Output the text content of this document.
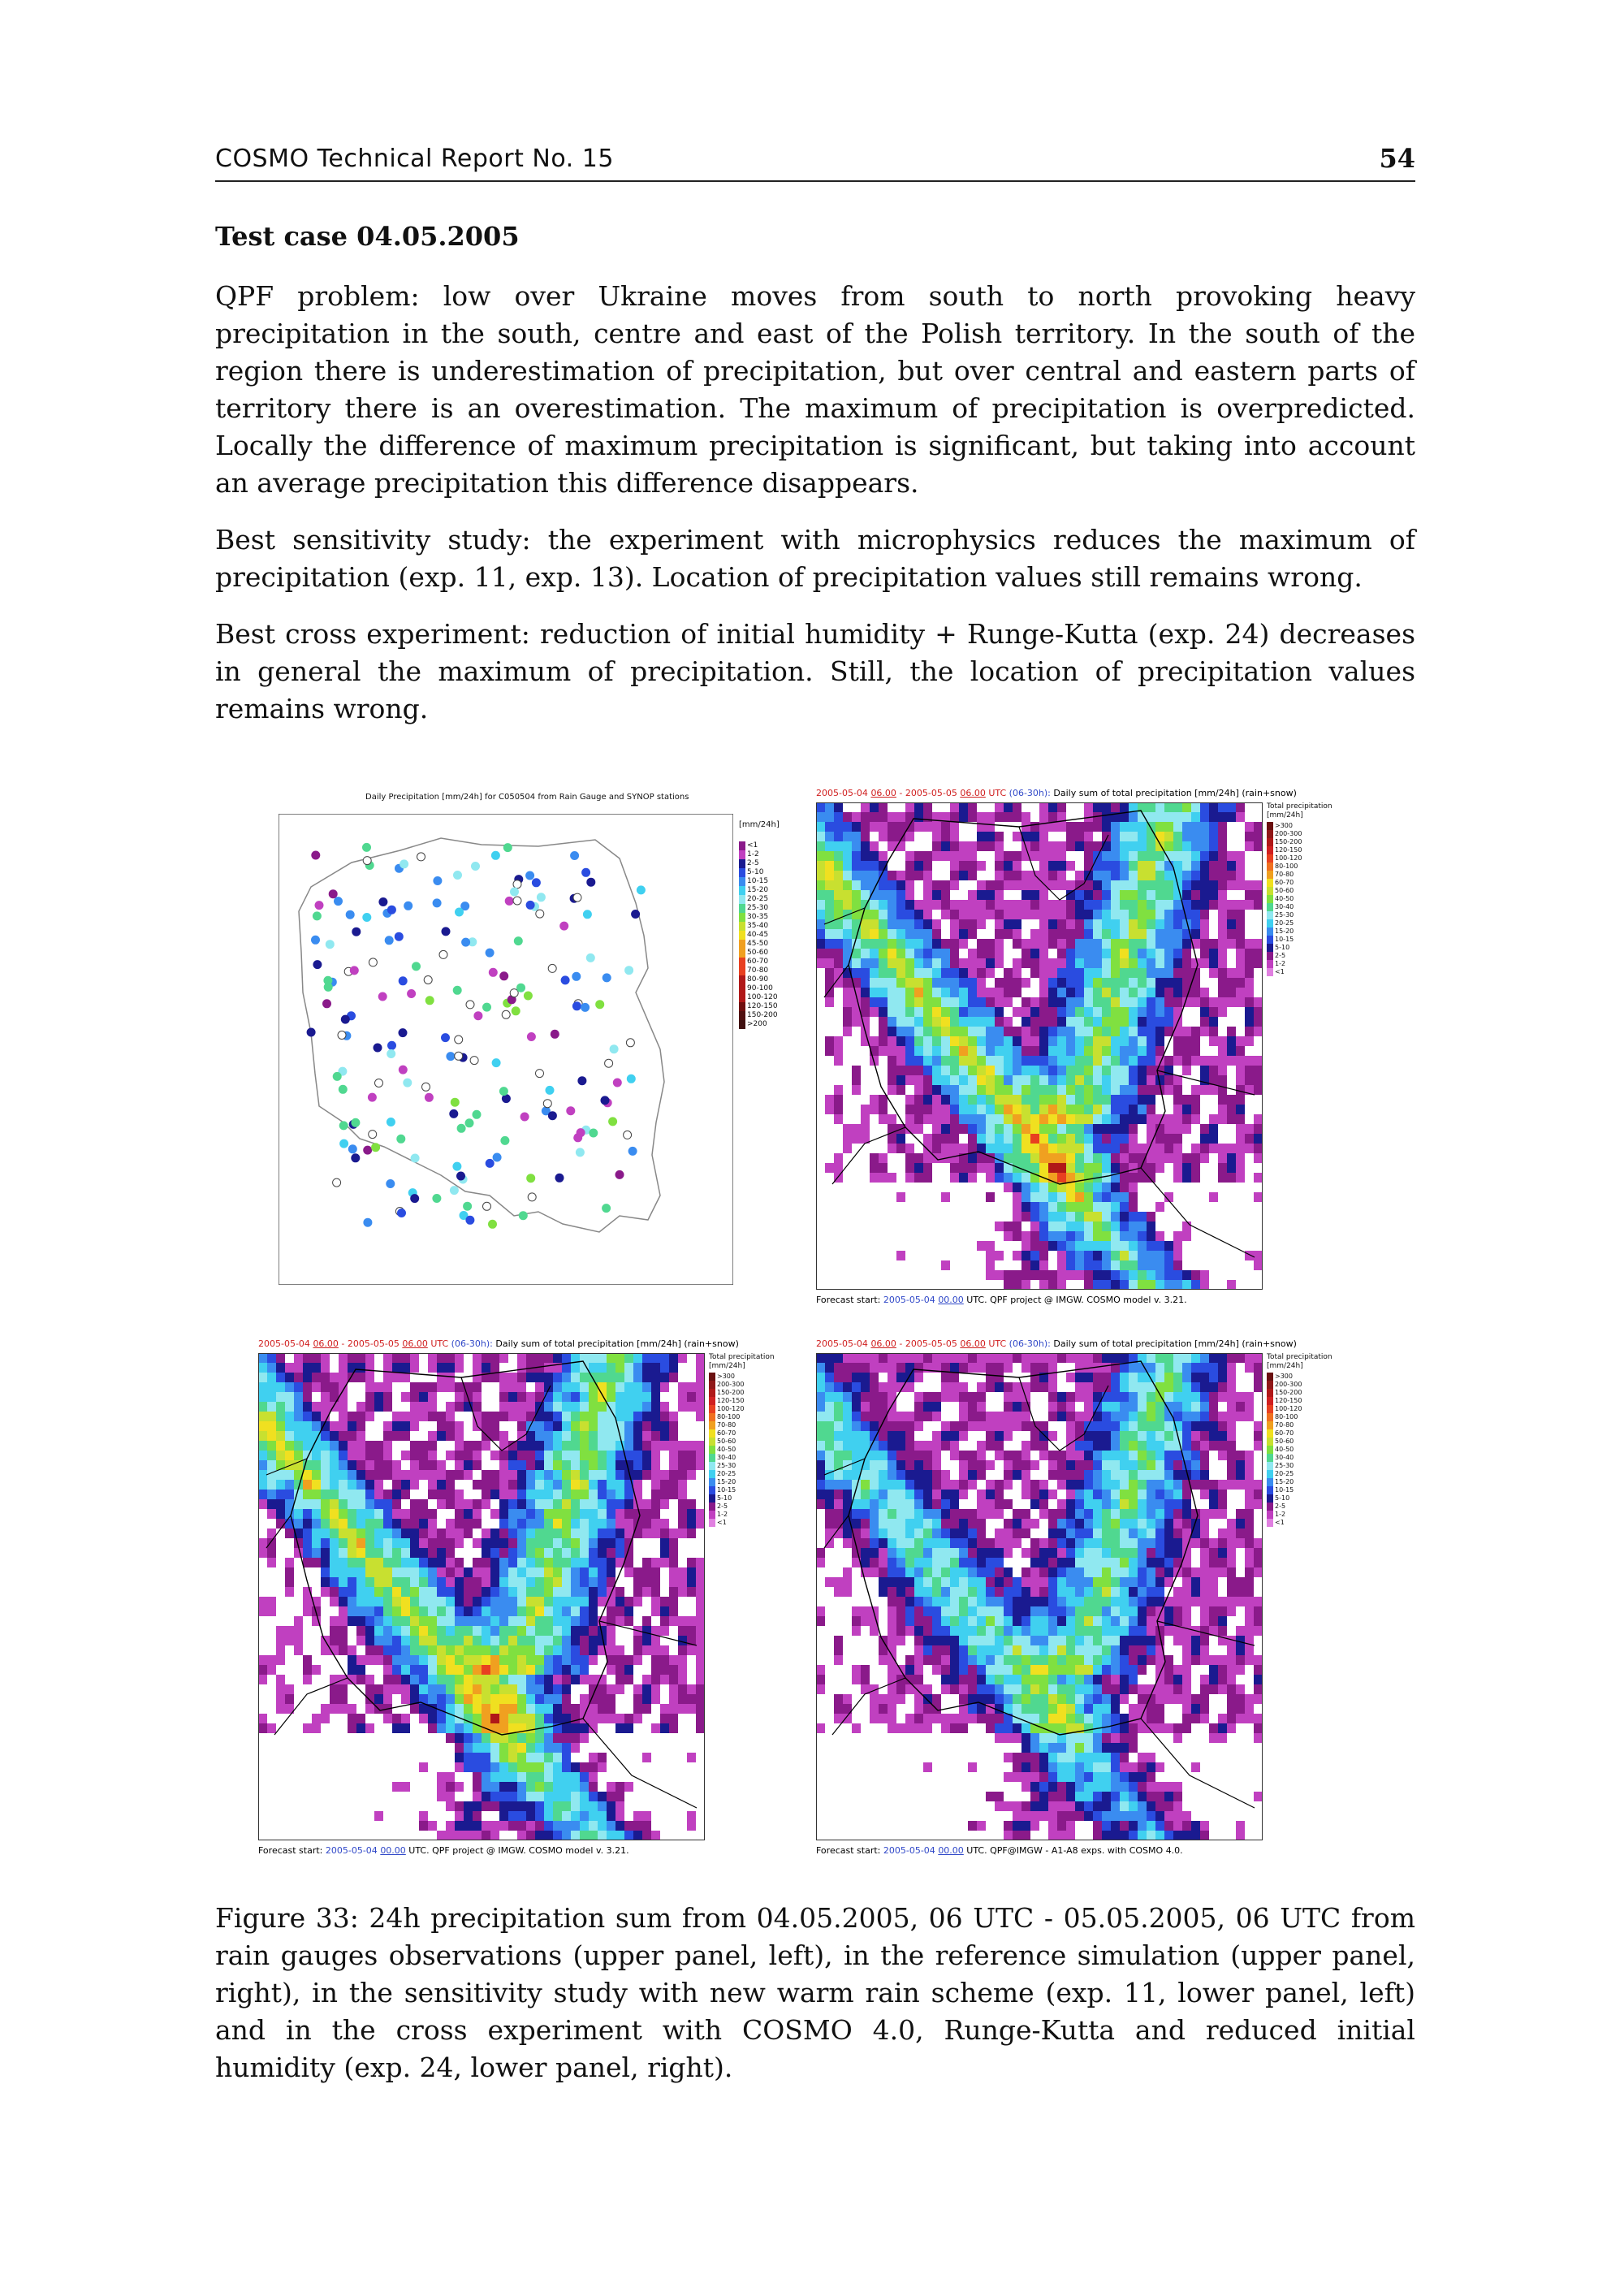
COSMO Technical Report No. 15	54
Test case 04.05.2005

QPF problem: low over Ukraine moves from south to north provoking heavy precipitation in the south, centre and east of the Polish territory. In the south of the region there is underestimation of precipitation, but over central and eastern parts of territory there is an overestimation. The maximum of precipitation is overpredicted. Locally the difference of maximum precipitation is significant, but taking into account an average precipitation this difference disappears.

Best sensitivity study: the experiment with microphysics reduces the maximum of precipitation (exp. 11, exp. 13). Location of precipitation values still remains wrong.

Best cross experiment: reduction of initial humidity + Runge-Kutta (exp. 24) decreases in general the maximum of precipitation. Still, the location of precipitation values remains wrong.

Daily Precipitation [mm/24h] for C050504 from Rain Gauge and SYNOP stations
[mm/24h]
<1
1-2
2-5
5-10
10-15
15-20
20-25
25-30
30-35
35-40
40-45
45-50
50-60
60-70
70-80
80-90
90-100
100-120
120-150
150-200
>200
2005-05-04 06.00 - 2005-05-05 06.00 UTC (06-30h): Daily sum of total precipitation [mm/24h] (rain+snow)
Total precipitation
[mm/24h]
>300
200-300
150-200
120-150
100-120
80-100
70-80
60-70
50-60
40-50
30-40
25-30
20-25
15-20
10-15
5-10
2-5
1-2
<1
Forecast start: 2005-05-04 00.00 UTC. QPF project @ IMGW. COSMO model v. 3.21.
2005-05-04 06.00 - 2005-05-05 06.00 UTC (06-30h): Daily sum of total precipitation [mm/24h] (rain+snow)
Total precipitation
[mm/24h]
>300
200-300
150-200
120-150
100-120
80-100
70-80
60-70
50-60
40-50
30-40
25-30
20-25
15-20
10-15
5-10
2-5
1-2
<1
Forecast start: 2005-05-04 00.00 UTC. QPF project @ IMGW. COSMO model v. 3.21.
2005-05-04 06.00 - 2005-05-05 06.00 UTC (06-30h): Daily sum of total precipitation [mm/24h] (rain+snow)
Total precipitation
[mm/24h]
>300
200-300
150-200
120-150
100-120
80-100
70-80
60-70
50-60
40-50
30-40
25-30
20-25
15-20
10-15
5-10
2-5
1-2
<1
Forecast start: 2005-05-04 00.00 UTC. QPF@IMGW - A1-A8 exps. with COSMO 4.0.

Figure 33: 24h precipitation sum from 04.05.2005, 06 UTC - 05.05.2005, 06 UTC from rain gauges observations (upper panel, left), in the reference simulation (upper panel, right), in the sensitivity study with new warm rain scheme (exp. 11, lower panel, left) and in the cross experiment with COSMO 4.0, Runge-Kutta and reduced initial humidity (exp. 24, lower panel, right).
